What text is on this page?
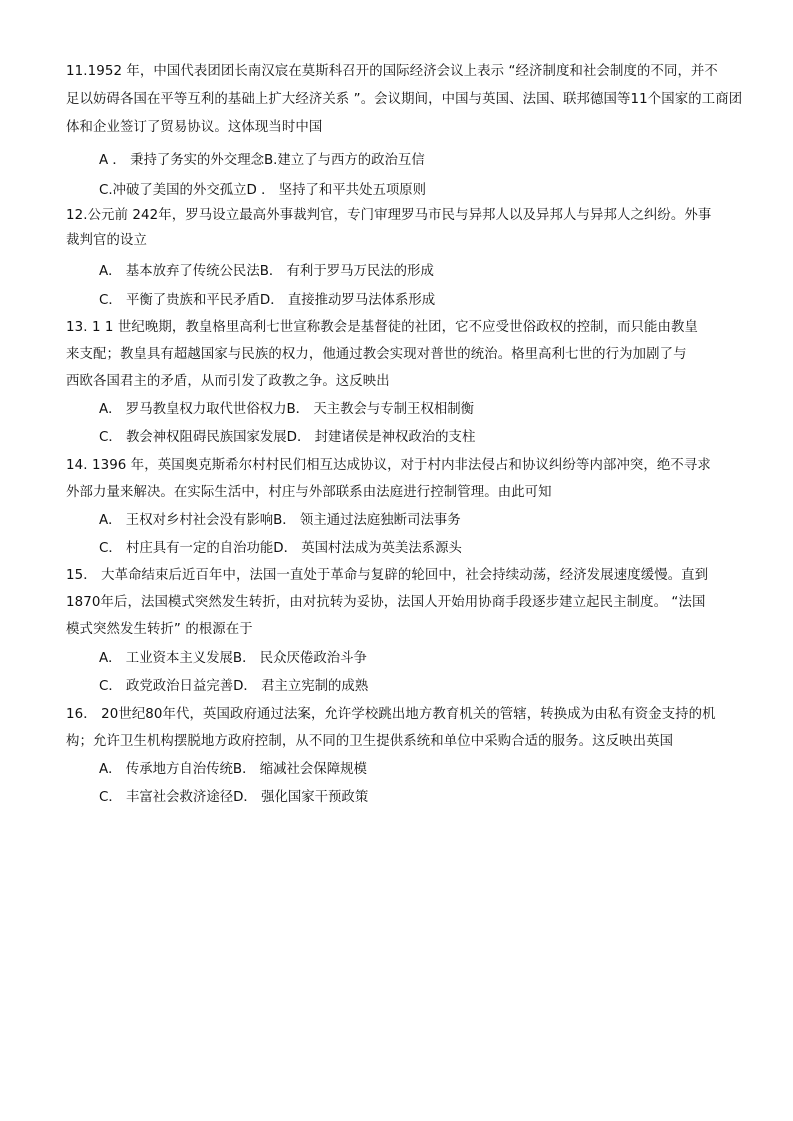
11.1952 年，中国代表团团长南汉宸在莫斯科召开的国际经济会议上表示 “经济制度和社会制度的不同，并不
足以妨碍各国在平等互利的基础上扩大经济关系 ”。会议期间，中国与英国、法国、联邦德国等11个国家的工商团
体和企业签订了贸易协议。这体现当时中国
A ． 秉持了务实的外交理念B.建立了与西方的政治互信
C.冲破了美国的外交孤立D ． 坚持了和平共处五项原则
12.公元前 242年，罗马设立最高外事裁判官，专门审理罗马市民与异邦人以及异邦人与异邦人之纠纷。外事
裁判官的设立
A． 基本放弃了传统公民法B． 有利于罗马万民法的形成
C． 平衡了贵族和平民矛盾D． 直接推动罗马法体系形成
13. 1 1 世纪晚期，教皇格里高利七世宣称教会是基督徒的社团，它不应受世俗政权的控制，而只能由教皇
来支配；教皇具有超越国家与民族的权力，他通过教会实现对普世的统治。格里高利七世的行为加剧了与
西欧各国君主的矛盾，从而引发了政教之争。这反映出
A． 罗马教皇权力取代世俗权力B． 天主教会与专制王权相制衡
C． 教会神权阻碍民族国家发展D． 封建诸侯是神权政治的支柱
14. 1396 年，英国奥克斯希尔村村民们相互达成协议，对于村内非法侵占和协议纠纷等内部冲突，绝不寻求
外部力量来解决。在实际生活中，村庄与外部联系由法庭进行控制管理。由此可知
A． 王权对乡村社会没有影响B． 领主通过法庭独断司法事务
C． 村庄具有一定的自治功能D． 英国村法成为英美法系源头
15． 大革命结束后近百年中，法国一直处于革命与复辟的轮回中，社会持续动荡，经济发展速度缓慢。直到
1870年后，法国模式突然发生转折，由对抗转为妥协，法国人开始用协商手段逐步建立起民主制度。 “法国
模式突然发生转折” 的根源在于
A． 工业资本主义发展B． 民众厌倦政治斗争
C． 政党政治日益完善D． 君主立宪制的成熟
16． 20世纪80年代，英国政府通过法案，允许学校跳出地方教育机关的管辖，转换成为由私有资金支持的机
构；允许卫生机构摆脱地方政府控制，从不同的卫生提供系统和单位中采购合适的服务。这反映出英国
A． 传承地方自治传统B． 缩减社会保障规模
C． 丰富社会救济途径D． 强化国家干预政策
